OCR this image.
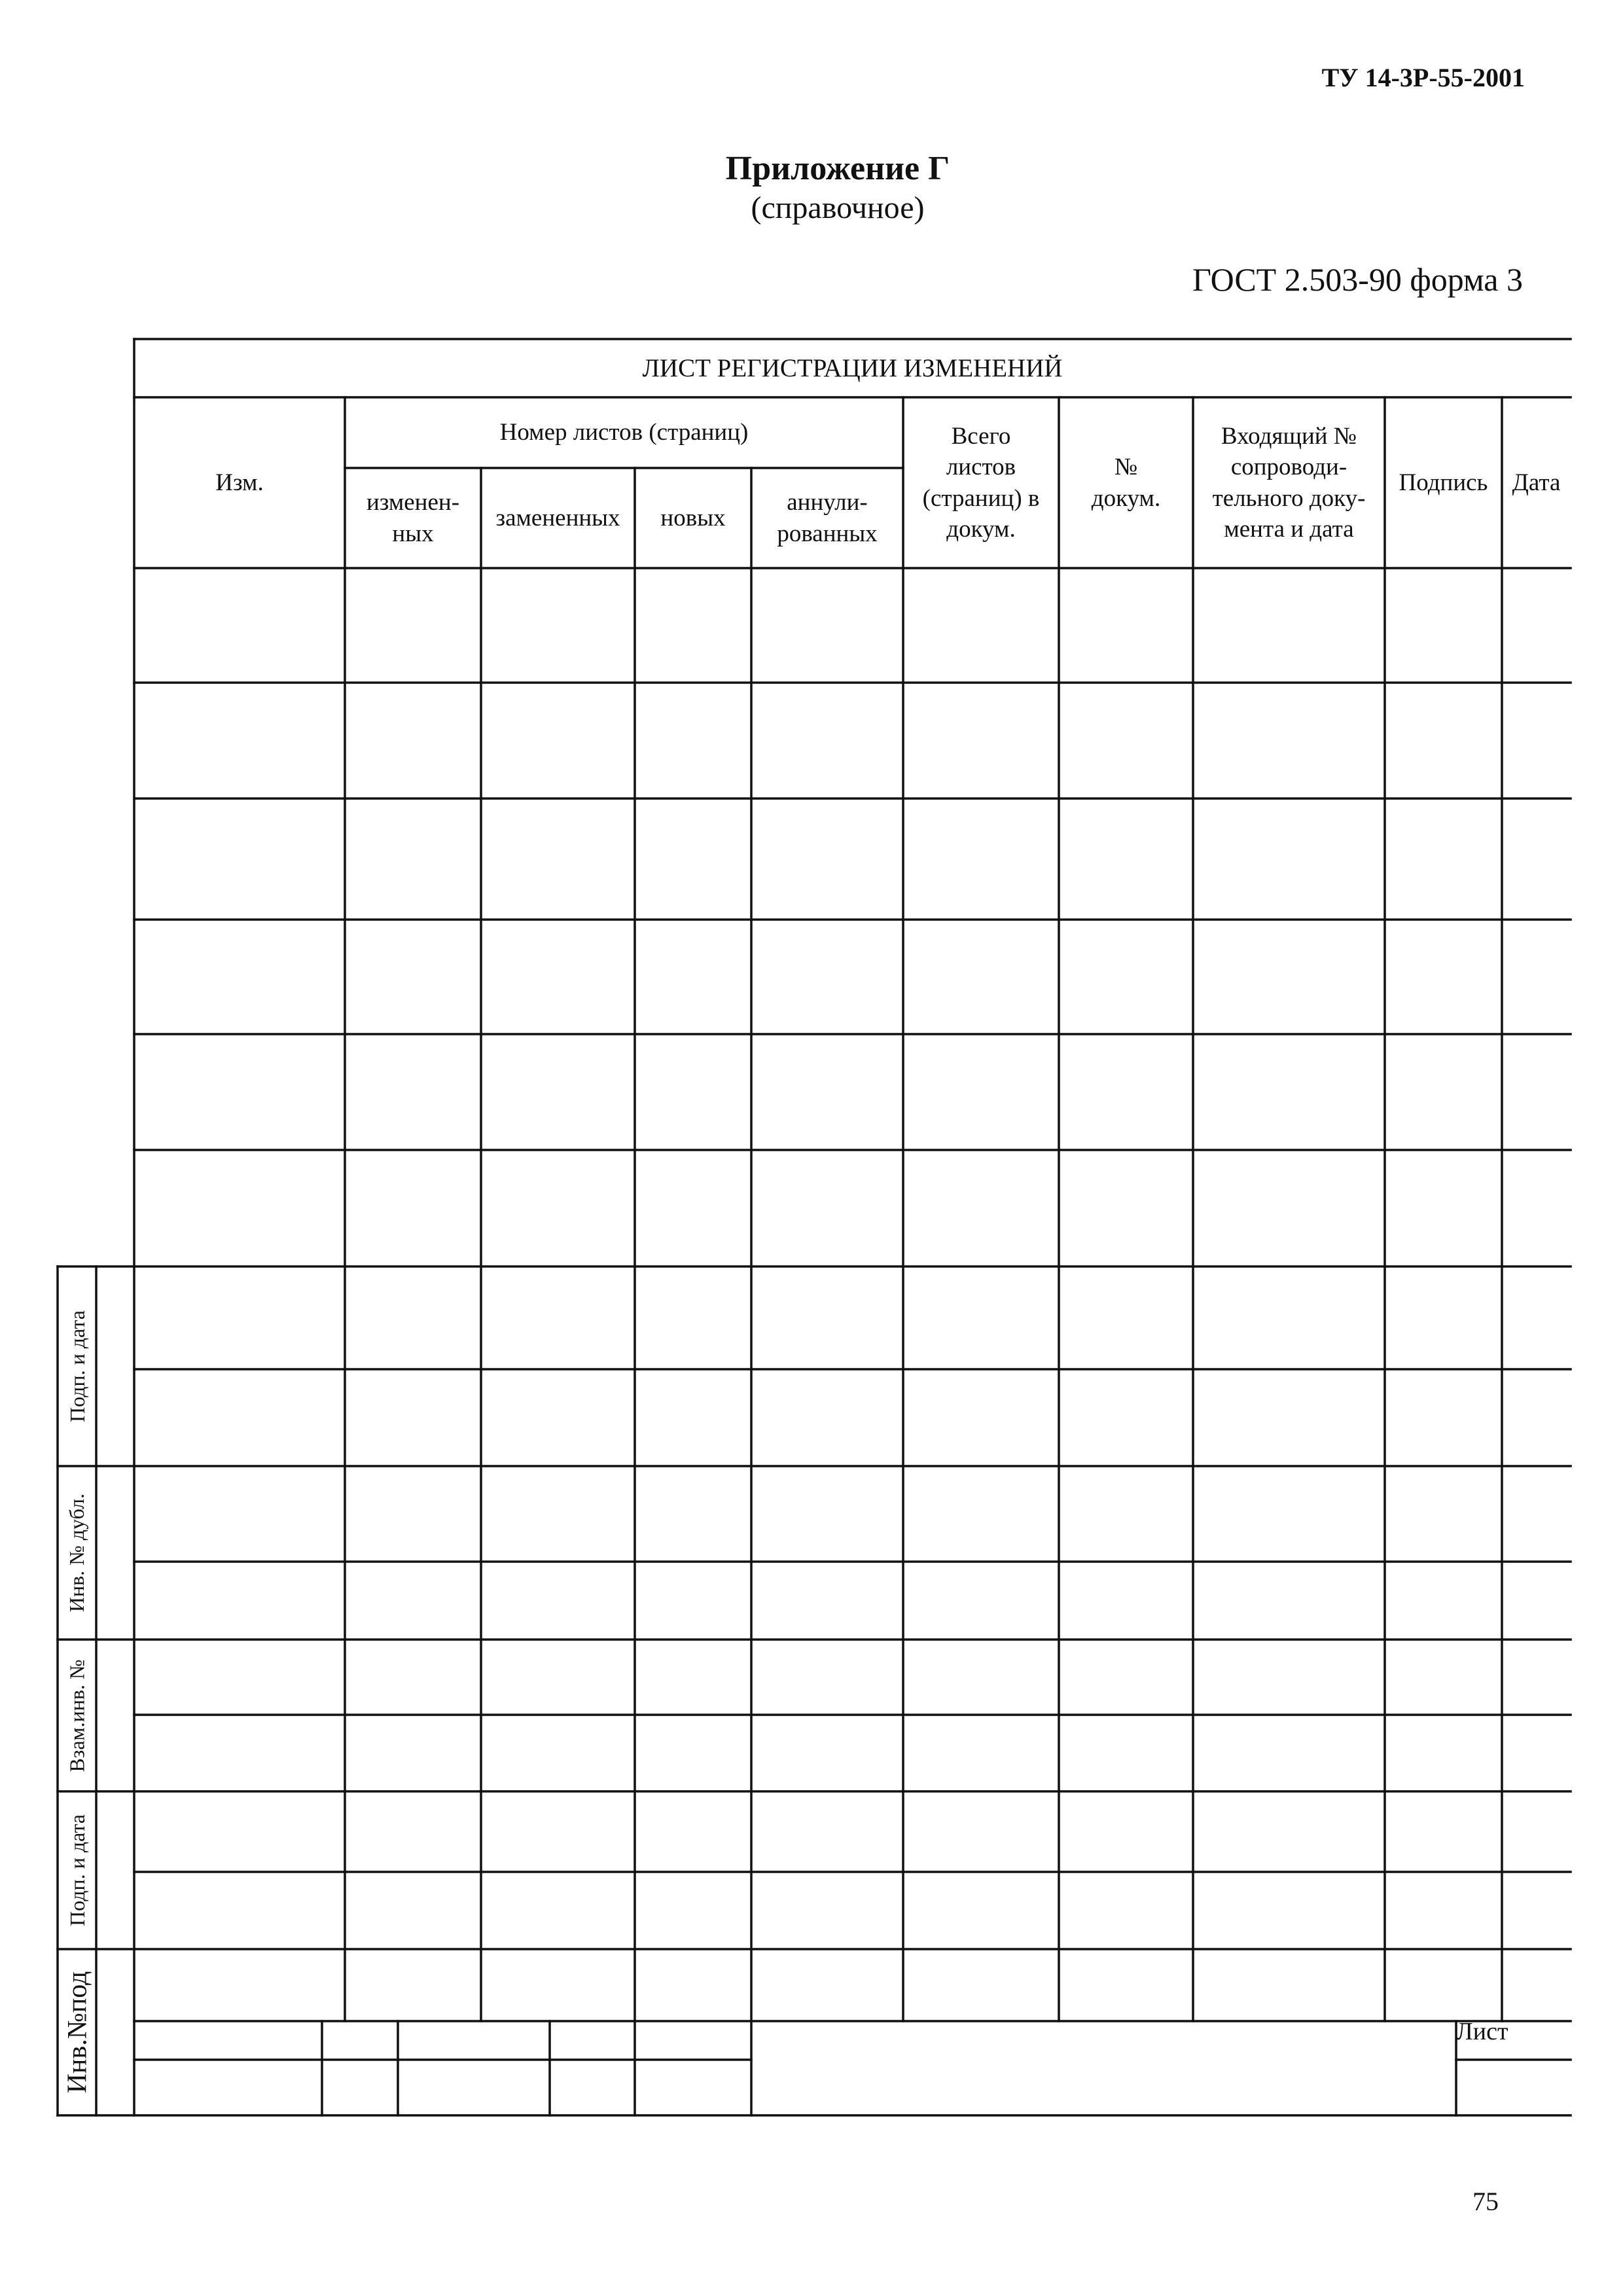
ТУ 14-3Р-55-2001
Приложение Г
(справочное)
ГОСТ 2.503-90 форма 3
ЛИСТ РЕГИСТРАЦИИ ИЗМЕНЕНИЙ
Изм.
Номер листов (страниц)
изменен-
ных
замененных новых
аннули-
рованных
Всего
листов
(страниц) в
докум.
№
докум.
Входящий №
сопроводи-
тельного доку-
мента и дата
Подпись Дата
Подп. и дата
Инв. № дубл.
Взам.инв. №
Подп. и дата
Инв.№под	Лист
75
